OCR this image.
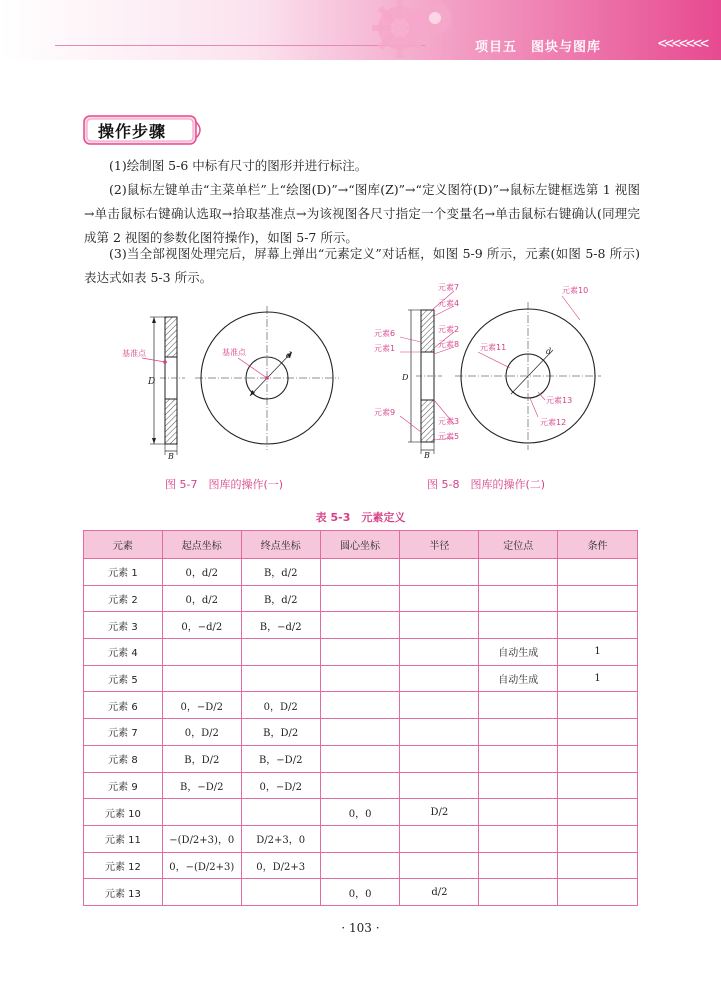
项目五　图块与图库	<<<<<<<
操作步骤
(1)绘制图 5-6 中标有尺寸的图形并进行标注。
(2)鼠标左键单击“主菜单栏”上“绘图(D)”→“图库(Z)”→“定义图符(D)”→鼠标左键框选第 1 视图→单击鼠标右键确认选取→拾取基准点→为该视图各尺寸指定一个变量名→单击鼠标右键确认(同理完成第 2 视图的参数化图符操作)，如图 5-7 所示。
(3)当全部视图处理完后，屏幕上弹出“元素定义”对话框，如图 5-9 所示，元素(如图 5-8 所示)表达式如表 5-3 所示。
D
B
基准点	d
基准点
图 5-7　图库的操作(一)
D
B
元素7
元素4
元素6	元素2
元素1	元素8
元素9
元素3
元素5
d
元素10
元素11
元素13
元素12
图 5-8　图库的操作(二)
表 5-3　元素定义
元素	起点坐标	终点坐标	圆心坐标	半径	定位点	条件
元素 1	0，d/2	B，d/2				
元素 2	0，d/2	B，d/2				
元素 3	0，−d/2	B，−d/2				
元素 4					自动生成	1
元素 5					自动生成	1
元素 6	0，−D/2	0，D/2				
元素 7	0，D/2	B，D/2				
元素 8	B，D/2	B，−D/2				
元素 9	B，−D/2	0，−D/2				
元素 10			0，0	D/2		
元素 11	−(D/2+3)，0	D/2+3，0				
元素 12	0，−(D/2+3)	0，D/2+3				
元素 13			0，0	d/2		
· 103 ·
